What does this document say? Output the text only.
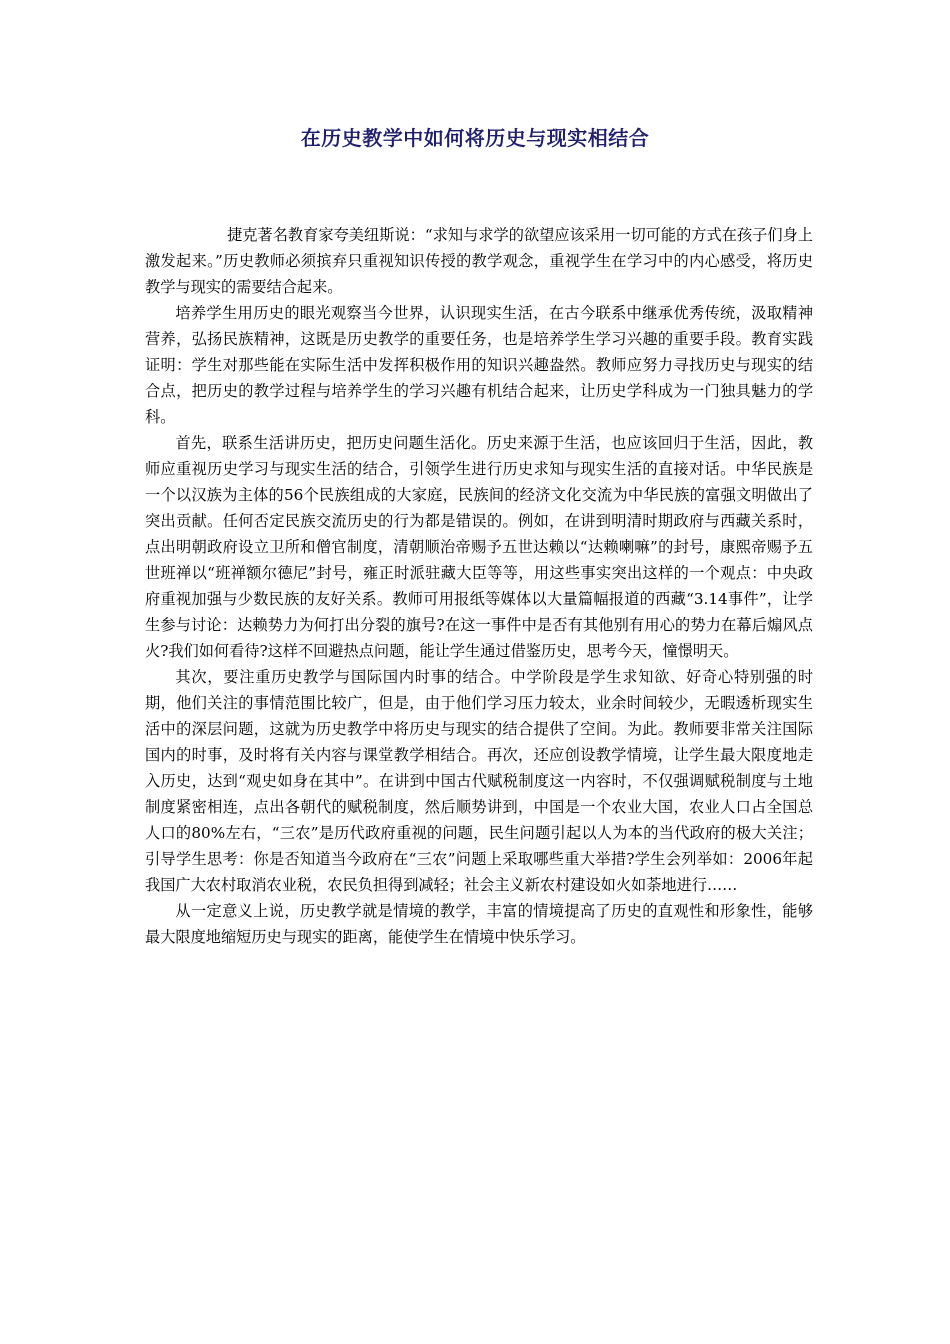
在历史教学中如何将历史与现实相结合

捷克著名教育家夸美纽斯说：“求知与求学的欲望应该采用一切可能的方式在孩子们身上激发起来。”历史教师必须摈弃只重视知识传授的教学观念，重视学生在学习中的内心感受，将历史教学与现实的需要结合起来。

培养学生用历史的眼光观察当今世界，认识现实生活，在古今联系中继承优秀传统，汲取精神营养，弘扬民族精神，这既是历史教学的重要任务，也是培养学生学习兴趣的重要手段。教育实践证明：学生对那些能在实际生活中发挥积极作用的知识兴趣盎然。教师应努力寻找历史与现实的结合点，把历史的教学过程与培养学生的学习兴趣有机结合起来，让历史学科成为一门独具魅力的学科。

首先，联系生活讲历史，把历史问题生活化。历史来源于生活，也应该回归于生活，因此，教师应重视历史学习与现实生活的结合，引领学生进行历史求知与现实生活的直接对话。中华民族是一个以汉族为主体的56个民族组成的大家庭，民族间的经济文化交流为中华民族的富强文明做出了突出贡献。任何否定民族交流历史的行为都是错误的。例如，在讲到明清时期政府与西藏关系时，点出明朝政府设立卫所和僧官制度，清朝顺治帝赐予五世达赖以“达赖喇嘛”的封号，康熙帝赐予五世班禅以“班禅额尔德尼”封号，雍正时派驻藏大臣等等，用这些事实突出这样的一个观点：中央政府重视加强与少数民族的友好关系。教师可用报纸等媒体以大量篇幅报道的西藏“3.14事件”，让学生参与讨论：达赖势力为何打出分裂的旗号?在这一事件中是否有其他别有用心的势力在幕后煽风点火?我们如何看待?这样不回避热点问题，能让学生通过借鉴历史，思考今天，憧憬明天。

其次，要注重历史教学与国际国内时事的结合。中学阶段是学生求知欲、好奇心特别强的时期，他们关注的事情范围比较广，但是，由于他们学习压力较太，业余时间较少，无暇透析现实生活中的深层问题，这就为历史教学中将历史与现实的结合提供了空间。为此。教师要非常关注国际国内的时事，及时将有关内容与课堂教学相结合。再次，还应创设教学情境，让学生最大限度地走入历史，达到“观史如身在其中”。在讲到中国古代赋税制度这一内容时，不仅强调赋税制度与土地制度紧密相连，点出各朝代的赋税制度，然后顺势讲到，中国是一个农业大国，农业人口占全国总人口的80%左右，“三农”是历代政府重视的问题，民生问题引起以人为本的当代政府的极大关注；引导学生思考：你是否知道当今政府在“三农”问题上采取哪些重大举措?学生会列举如：2006年起我国广大农村取消农业税，农民负担得到减轻；社会主义新农村建设如火如荼地进行……

从一定意义上说，历史教学就是情境的教学，丰富的情境提高了历史的直观性和形象性，能够最大限度地缩短历史与现实的距离，能使学生在情境中快乐学习。
